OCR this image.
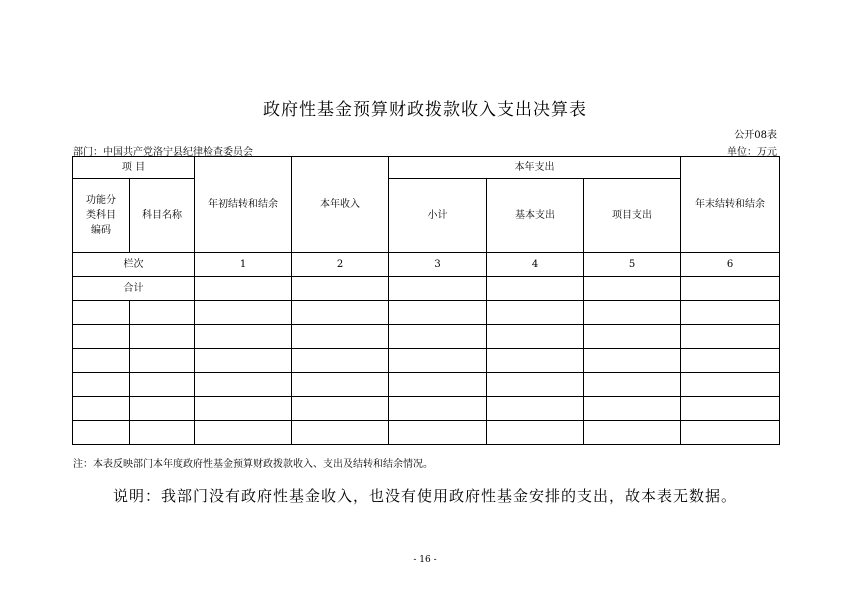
政府性基金预算财政拨款收入支出决算表
公开08表
部门：中国共产党洛宁县纪律检查委员会	单位：万元
项 目		年初结转和结余	本年收入	本年支出			年末结转和结余
功能分类科目编码	科目名称			小计	基本支出	项目支出	

栏次		1	2	3	4	5	6
合计							

注：本表反映部门本年度政府性基金预算财政拨款收入、支出及结转和结余情况。
说明：我部门没有政府性基金收入，也没有使用政府性基金安排的支出，故本表无数据。
- 16 -
